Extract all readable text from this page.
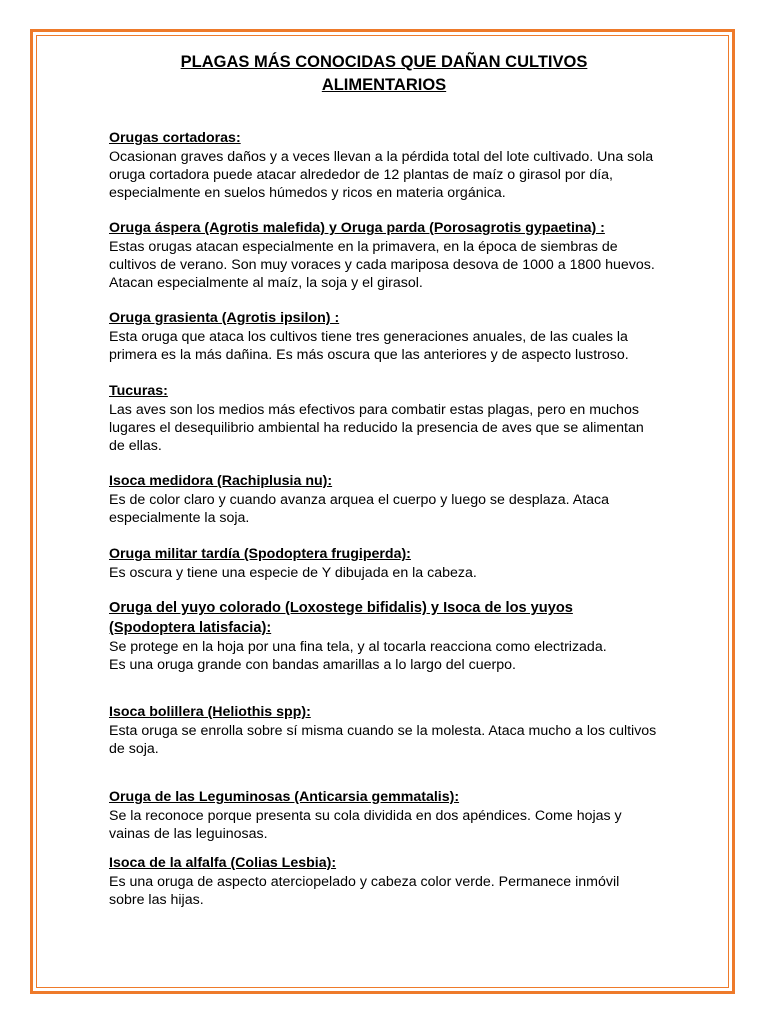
PLAGAS MÁS CONOCIDAS QUE DAÑAN CULTIVOS
ALIMENTARIOS

Orugas cortadoras:

Ocasionan graves daños y a veces llevan a la pérdida total del lote cultivado. Una sola

oruga cortadora puede atacar alrededor de 12 plantas de maíz o girasol por día,

especialmente en suelos húmedos y ricos en materia orgánica.

Oruga áspera (Agrotis malefida) y Oruga parda (Porosagrotis gypaetina) :

Estas orugas atacan especialmente en la primavera, en la época de siembras de

cultivos de verano. Son muy voraces y cada mariposa desova de 1000 a 1800 huevos.

Atacan especialmente al maíz, la soja y el girasol.

Oruga grasienta (Agrotis ipsilon) :

Esta oruga que ataca los cultivos tiene tres generaciones anuales, de las cuales la

primera es la más dañina. Es más oscura que las anteriores y de aspecto lustroso.

Tucuras:

Las aves son los medios más efectivos para combatir estas plagas, pero en muchos

lugares el desequilibrio ambiental ha reducido la presencia de aves que se alimentan

de ellas.

Isoca medidora (Rachiplusia nu):

Es de color claro y cuando avanza arquea el cuerpo y luego se desplaza. Ataca

especialmente la soja.

Oruga militar tardía (Spodoptera frugiperda):

Es oscura y tiene una especie de Y dibujada en la cabeza.

Oruga del yuyo colorado (Loxostege bifidalis) y Isoca de los yuyos

(Spodoptera latisfacia):

Se protege en la hoja por una fina tela, y al tocarla reacciona como electrizada.

Es una oruga grande con bandas amarillas a lo largo del cuerpo.

Isoca bolillera (Heliothis spp):

Esta oruga se enrolla sobre sí misma cuando se la molesta. Ataca mucho a los cultivos

de soja.

Oruga de las Leguminosas (Anticarsia gemmatalis):

Se la reconoce porque presenta su cola dividida en dos apéndices. Come hojas y

vainas de las leguinosas.

Isoca de la alfalfa (Colias Lesbia):

Es una oruga de aspecto aterciopelado y cabeza color verde. Permanece inmóvil

sobre las hijas.
